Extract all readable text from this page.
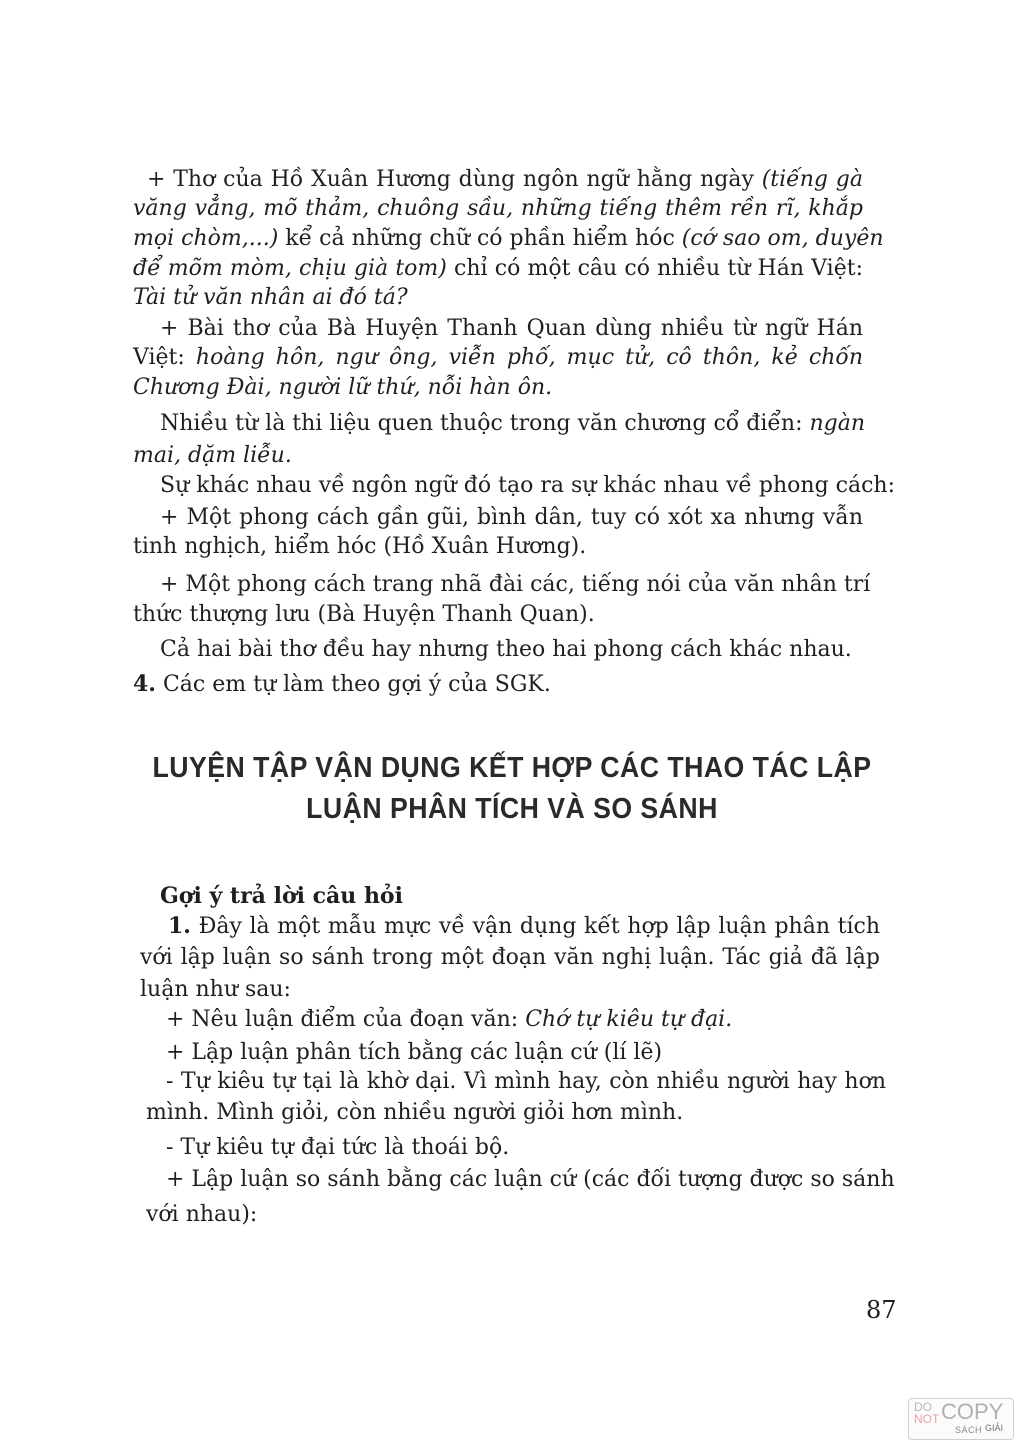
+ Thơ của Hồ Xuân Hương dùng ngôn ngữ hằng ngày (tiếng gà
văng vẳng, mõ thảm, chuông sầu, những tiếng thêm rền rĩ, khắp
mọi chòm,...) kể cả những chữ có phần hiểm hóc (cớ sao om, duyên
để mõm mòm, chịu già tom) chỉ có một câu có nhiều từ Hán Việt:
Tài tử văn nhân ai đó tá?
+ Bài thơ của Bà Huyện Thanh Quan dùng nhiều từ ngữ Hán
Việt: hoàng hôn, ngư ông, viễn phố, mục tử, cô thôn, kẻ chốn
Chương Đài, người lữ thứ, nỗi hàn ôn.
Nhiều từ là thi liệu quen thuộc trong văn chương cổ điển: ngàn
mai, dặm liễu.
Sự khác nhau về ngôn ngữ đó tạo ra sự khác nhau về phong cách:
+ Một phong cách gần gũi, bình dân, tuy có xót xa nhưng vẫn
tinh nghịch, hiểm hóc (Hồ Xuân Hương).
+ Một phong cách trang nhã đài các, tiếng nói của văn nhân trí
thức thượng lưu (Bà Huyện Thanh Quan).
Cả hai bài thơ đều hay nhưng theo hai phong cách khác nhau.
4. Các em tự làm theo gợi ý của SGK.
LUYỆN TẬP VẬN DỤNG KẾT HỢP CÁC THAO TÁC LẬP
LUẬN PHÂN TÍCH VÀ SO SÁNH
Gợi ý trả lời câu hỏi
1. Đây là một mẫu mực về vận dụng kết hợp lập luận phân tích
với lập luận so sánh trong một đoạn văn nghị luận. Tác giả đã lập
luận như sau:
+ Nêu luận điểm của đoạn văn: Chớ tự kiêu tự đại.
+ Lập luận phân tích bằng các luận cứ (lí lẽ)
- Tự kiêu tự tại là khờ dại. Vì mình hay, còn nhiều người hay hơn
mình. Mình giỏi, còn nhiều người giỏi hơn mình.
- Tự kiêu tự đại tức là thoái bộ.
+ Lập luận so sánh bằng các luận cứ (các đối tượng được so sánh
với nhau):
87
DO
NOT COPY
SÁCH GIẢI
